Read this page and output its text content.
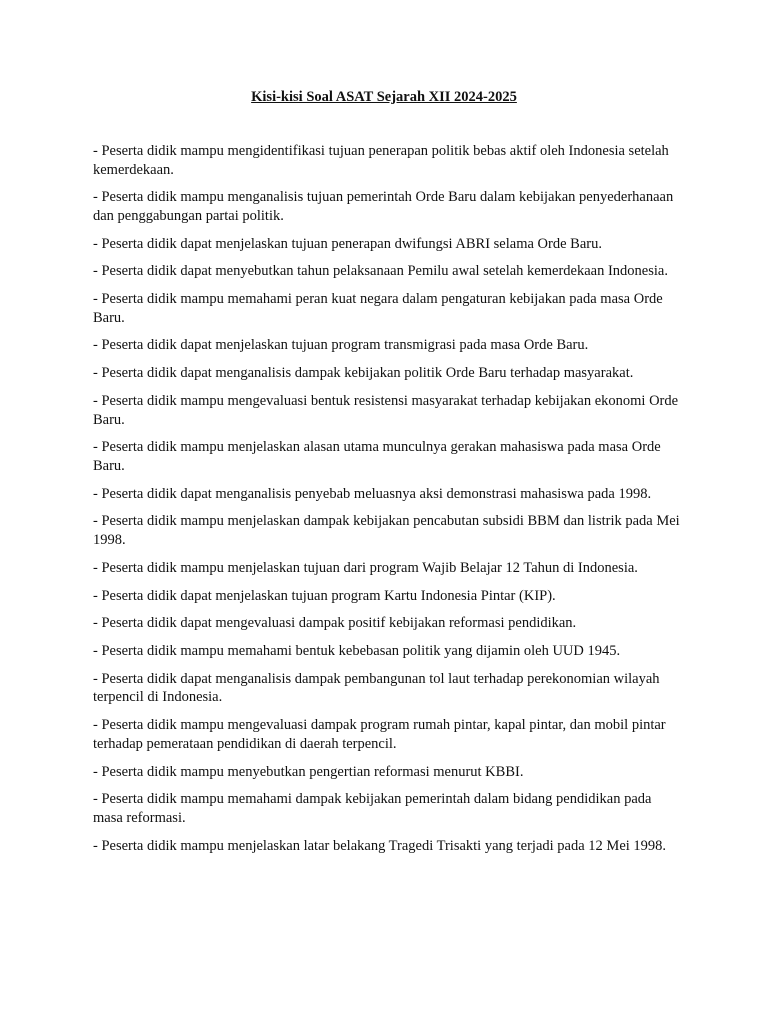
Kisi-kisi Soal ASAT Sejarah XII 2024-2025
- Peserta didik mampu mengidentifikasi tujuan penerapan politik bebas aktif oleh Indonesia setelah kemerdekaan.
- Peserta didik mampu menganalisis tujuan pemerintah Orde Baru dalam kebijakan penyederhanaan dan penggabungan partai politik.
- Peserta didik dapat menjelaskan tujuan penerapan dwifungsi ABRI selama Orde Baru.
- Peserta didik dapat menyebutkan tahun pelaksanaan Pemilu awal setelah kemerdekaan Indonesia.
- Peserta didik mampu memahami peran kuat negara dalam pengaturan kebijakan pada masa Orde Baru.
- Peserta didik dapat menjelaskan tujuan program transmigrasi pada masa Orde Baru.
- Peserta didik dapat menganalisis dampak kebijakan politik Orde Baru terhadap masyarakat.
- Peserta didik mampu mengevaluasi bentuk resistensi masyarakat terhadap kebijakan ekonomi Orde Baru.
- Peserta didik mampu menjelaskan alasan utama munculnya gerakan mahasiswa pada masa Orde Baru.
- Peserta didik dapat menganalisis penyebab meluasnya aksi demonstrasi mahasiswa pada 1998.
- Peserta didik mampu menjelaskan dampak kebijakan pencabutan subsidi BBM dan listrik pada Mei 1998.
- Peserta didik mampu menjelaskan tujuan dari program Wajib Belajar 12 Tahun di Indonesia.
- Peserta didik dapat menjelaskan tujuan program Kartu Indonesia Pintar (KIP).
- Peserta didik dapat mengevaluasi dampak positif kebijakan reformasi pendidikan.
- Peserta didik mampu memahami bentuk kebebasan politik yang dijamin oleh UUD 1945.
- Peserta didik dapat menganalisis dampak pembangunan tol laut terhadap perekonomian wilayah terpencil di Indonesia.
- Peserta didik mampu mengevaluasi dampak program rumah pintar, kapal pintar, dan mobil pintar terhadap pemerataan pendidikan di daerah terpencil.
- Peserta didik mampu menyebutkan pengertian reformasi menurut KBBI.
- Peserta didik mampu memahami dampak kebijakan pemerintah dalam bidang pendidikan pada masa reformasi.
- Peserta didik mampu menjelaskan latar belakang Tragedi Trisakti yang terjadi pada 12 Mei 1998.
